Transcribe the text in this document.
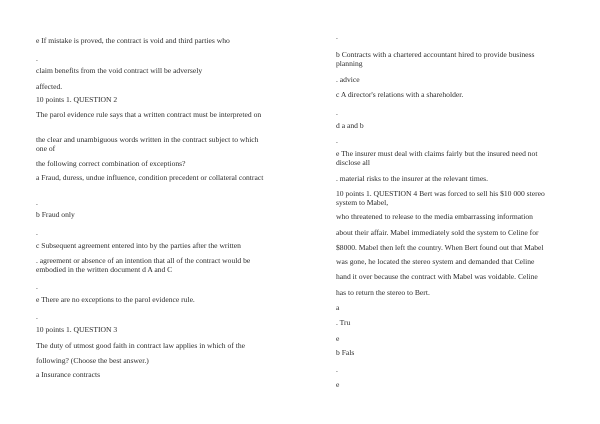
e If mistake is proved, the contract is void and third parties who
.
claim benefits from the void contract will be adversely
affected.
10 points 1. QUESTION 2
The parol evidence rule says that a written contract must be interpreted on
the clear and unambiguous words written in the contract subject to which one of
the following correct combination of exceptions?
a Fraud, duress, undue influence, condition precedent or collateral contract
.
b Fraud only
.
c Subsequent agreement entered into by the parties after the written
. agreement or absence of an intention that all of the contract would be embodied in the written document d A and C
.
e There are no exceptions to the parol evidence rule.
.
10 points 1. QUESTION 3
The duty of utmost good faith in contract law applies in which of the
following? (Choose the best answer.)
a Insurance contracts
.
b Contracts with a chartered accountant hired to provide business planning
. advice
c A director's relations with a shareholder.
.
d a and b
.
e The insurer must deal with claims fairly but the insured need not disclose all
. material risks to the insurer at the relevant times.
10 points 1. QUESTION 4 Bert was forced to sell his $10 000 stereo system to Mabel,
who threatened to release to the media embarrassing information
about their affair. Mabel immediately sold the system to Celine for
$8000. Mabel then left the country. When Bert found out that Mabel
was gone, he located the stereo system and demanded that Celine
hand it over because the contract with Mabel was voidable. Celine
has to return the stereo to Bert.
a
. Tru
e
b Fals
.
e
